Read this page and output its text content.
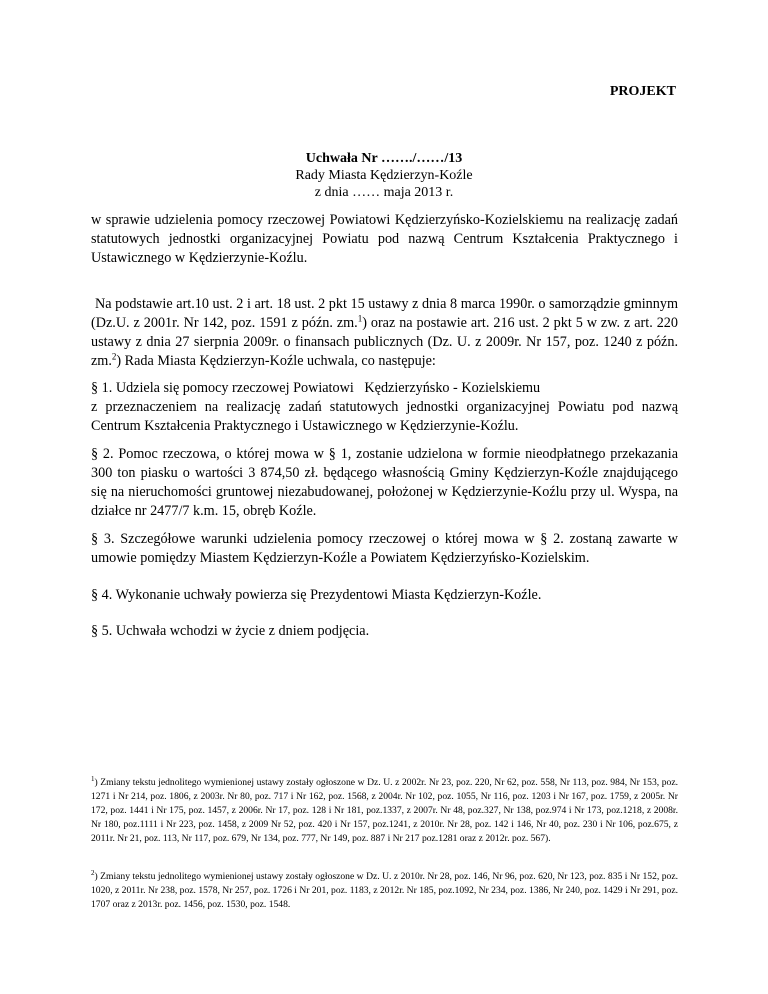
PROJEKT
Uchwała Nr ……./……/13
Rady Miasta Kędzierzyn-Koźle
z dnia …… maja 2013 r.
w sprawie udzielenia pomocy rzeczowej Powiatowi Kędzierzyńsko-Kozielskiemu na realizację zadań statutowych jednostki organizacyjnej Powiatu pod nazwą Centrum Kształcenia Praktycznego i Ustawicznego w Kędzierzynie-Koźlu.
Na podstawie art.10 ust. 2 i art. 18 ust. 2 pkt 15 ustawy z dnia 8 marca 1990r. o samorządzie gminnym (Dz.U. z 2001r. Nr 142, poz. 1591 z późn. zm.$^1$) oraz na postawie art. 216 ust. 2 pkt 5 w zw. z art. 220 ustawy z dnia 27 sierpnia 2009r. o finansach publicznych (Dz. U. z 2009r. Nr 157, poz. 1240 z późn. zm.$^2$) Rada Miasta Kędzierzyn-Koźle uchwala, co następuje:
§ 1. Udziela się pomocy rzeczowej Powiatowi   Kędzierzyńsko - Kozielskiemu
z przeznaczeniem na realizację zadań statutowych jednostki organizacyjnej Powiatu pod nazwą Centrum Kształcenia Praktycznego i Ustawicznego w Kędzierzynie-Koźlu.
§ 2. Pomoc rzeczowa, o której mowa w § 1, zostanie udzielona w formie nieodpłatnego przekazania 300 ton piasku o wartości 3 874,50 zł. będącego własnością Gminy Kędzierzyn-Koźle znajdującego się na nieruchomości gruntowej niezabudowanej, położonej w Kędzierzynie-Koźlu przy ul. Wyspa, na działce nr 2477/7 k.m. 15, obręb Koźle.
§ 3. Szczegółowe warunki udzielenia pomocy rzeczowej o której mowa w § 2. zostaną zawarte w umowie pomiędzy Miastem Kędzierzyn-Koźle a Powiatem Kędzierzyńsko-Kozielskim.
§ 4. Wykonanie uchwały powierza się Prezydentowi Miasta Kędzierzyn-Koźle.
§ 5. Uchwała wchodzi w życie z dniem podjęcia.
$^1$) Zmiany tekstu jednolitego wymienionej ustawy zostały ogłoszone w Dz. U. z 2002r. Nr 23, poz. 220, Nr 62, poz. 558, Nr 113, poz. 984, Nr 153, poz. 1271 i Nr 214, poz. 1806, z 2003r. Nr 80, poz. 717 i Nr 162, poz. 1568, z 2004r. Nr 102, poz. 1055, Nr 116, poz. 1203 i Nr 167, poz. 1759, z 2005r. Nr 172, poz. 1441 i Nr 175, poz. 1457, z 2006r. Nr 17, poz. 128 i Nr 181, poz.1337, z 2007r. Nr 48, poz.327, Nr 138, poz.974 i Nr 173, poz.1218, z 2008r. Nr 180, poz.1111 i Nr 223, poz. 1458, z 2009 Nr 52, poz. 420 i Nr 157, poz.1241, z 2010r. Nr 28, poz. 142 i 146, Nr 40, poz. 230 i Nr 106, poz.675, z 2011r. Nr 21, poz. 113, Nr 117, poz. 679, Nr 134, poz. 777, Nr 149, poz. 887 i Nr 217 poz.1281 oraz z 2012r. poz. 567).
$^2$) Zmiany tekstu jednolitego wymienionej ustawy zostały ogłoszone w Dz. U. z 2010r. Nr 28, poz. 146, Nr 96, poz. 620, Nr 123, poz. 835 i Nr 152, poz. 1020, z 2011r. Nr 238, poz. 1578, Nr 257, poz. 1726 i Nr 201, poz. 1183, z 2012r. Nr 185, poz.1092, Nr 234, poz. 1386, Nr 240, poz. 1429 i Nr 291, poz. 1707 oraz z 2013r. poz. 1456, poz. 1530, poz. 1548.
